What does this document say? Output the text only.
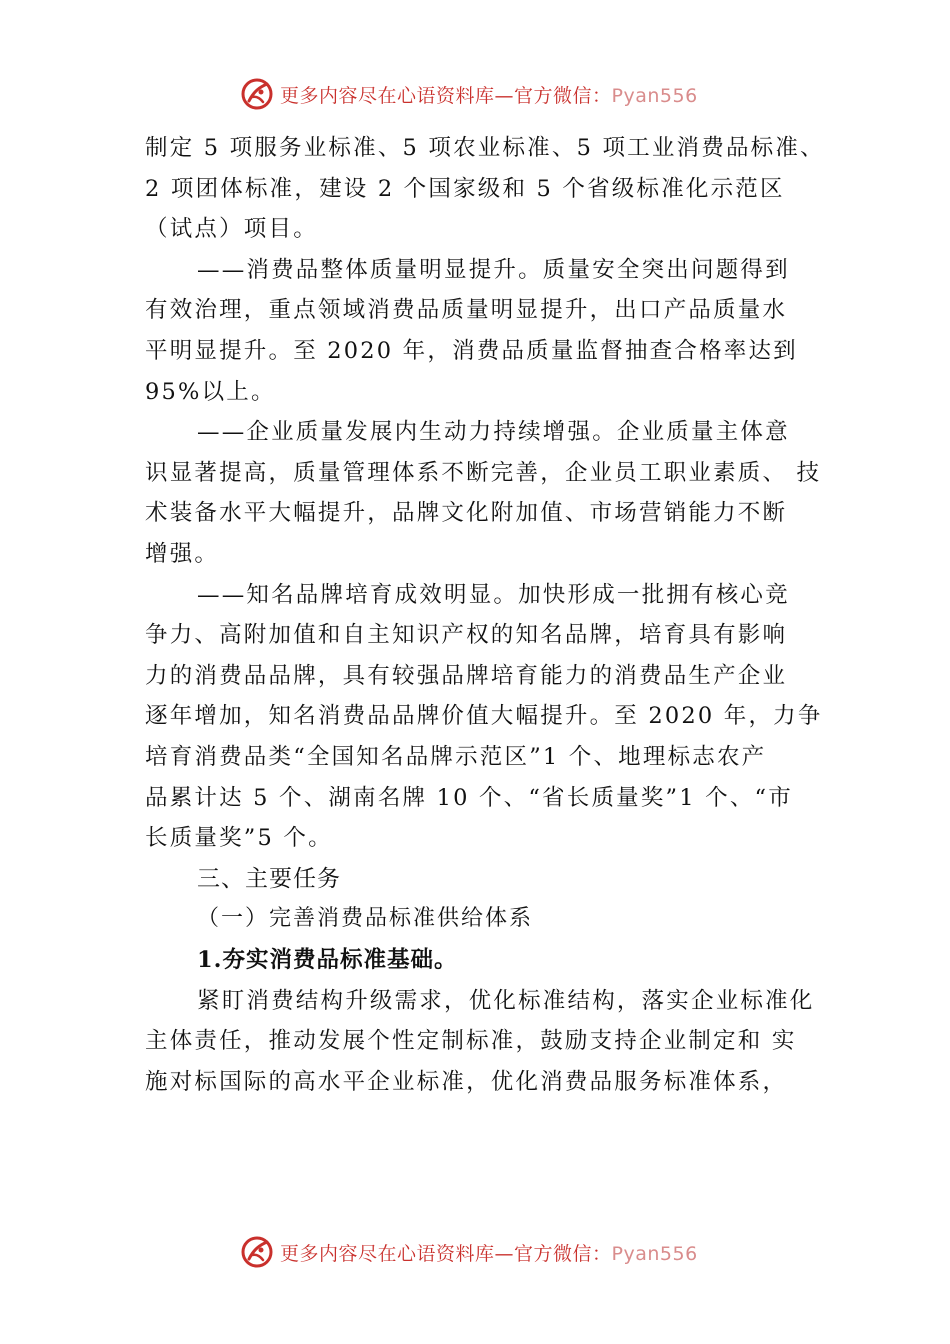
更多内容尽在心语资料库—官方微信：Pyan556

制定 5 项服务业标准、5 项农业标准、5 项工业消费品标准、
2 项团体标准，建设 2 个国家级和 5 个省级标准化示范区
（试点）项目。

——消费品整体质量明显提升。质量安全突出问题得到
有效治理，重点领域消费品质量明显提升，出口产品质量水
平明显提升。至 2020 年，消费品质量监督抽查合格率达到
95%以上。

——企业质量发展内生动力持续增强。企业质量主体意
识显著提高，质量管理体系不断完善，企业员工职业素质、 技
术装备水平大幅提升，品牌文化附加值、市场营销能力不断
增强。

——知名品牌培育成效明显。加快形成一批拥有核心竞
争力、高附加值和自主知识产权的知名品牌，培育具有影响
力的消费品品牌，具有较强品牌培育能力的消费品生产企业
逐年增加，知名消费品品牌价值大幅提升。至 2020 年，力争
培育消费品类“全国知名品牌示范区”1 个、地理标志农产
品累计达 5 个、湖南名牌 10 个、“省长质量奖”1 个、“市
长质量奖”5 个。

三、主要任务

（一）完善消费品标准供给体系

1.夯实消费品标准基础。

紧盯消费结构升级需求，优化标准结构，落实企业标准化
主体责任，推动发展个性定制标准，鼓励支持企业制定和 实
施对标国际的高水平企业标准，优化消费品服务标准体系，

更多内容尽在心语资料库—官方微信：Pyan556
